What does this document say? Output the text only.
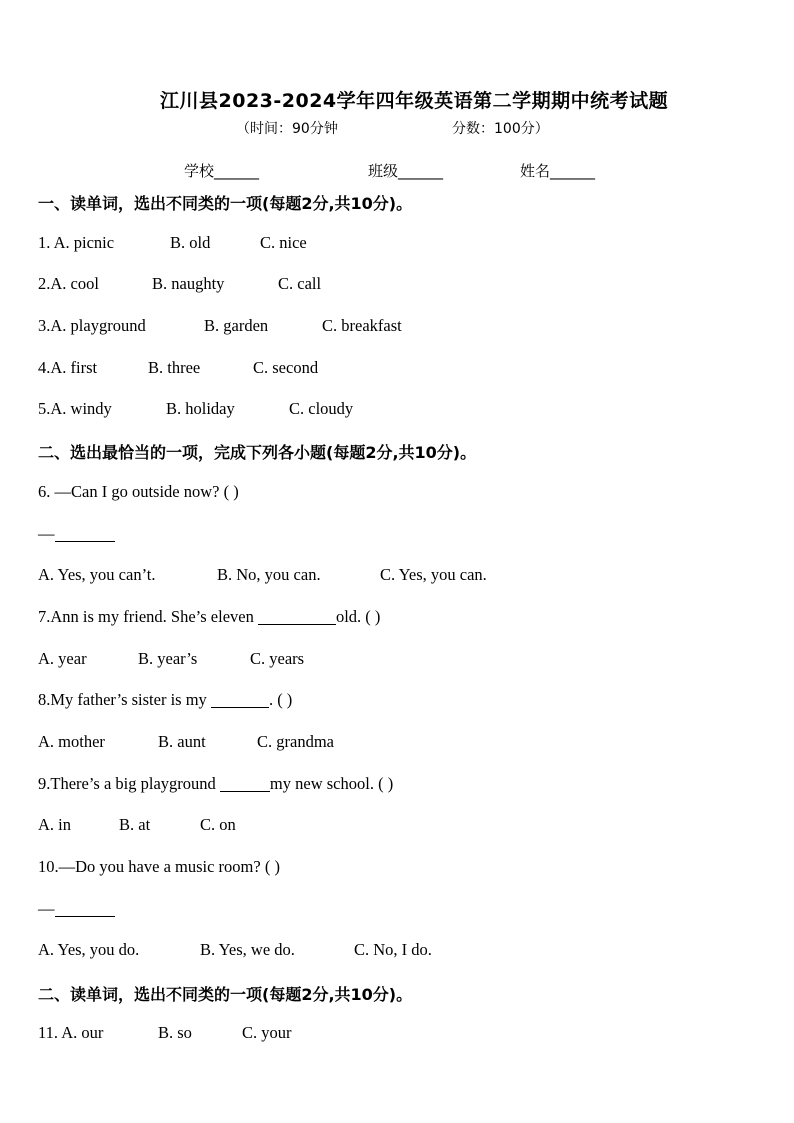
江川县2023-2024学年四年级英语第二学期期中统考试题
（时间：90分钟	分数：100分）
学校______	班级______	姓名______
一、读单词，选出不同类的一项(每题2分,共10分)。
1. A. picnic	B. old	C. nice
2.A. cool	B. naughty	C. call
3.A. playground	B. garden	C. breakfast
4.A. first	B. three	C. second
5.A. windy	B. holiday	C. cloudy
二、选出最恰当的一项，完成下列各小题(每题2分,共10分)。
6. —Can I go outside now? ( )
—
A. Yes, you can’t.	B. No, you can.	C. Yes, you can.
7.Ann is my friend. She’s eleven	old. ( )
A. year	B. year’s	C. years
8.My father’s sister is my	. ( )
A. mother	B. aunt	C. grandma
9.There’s a big playground	my new school. ( )
A. in	B. at	C. on
10.—Do you have a music room? ( )
—
A. Yes, you do.	B. Yes, we do.	C. No, I do.
二、读单词，选出不同类的一项(每题2分,共10分)。
11. A. our	B. so	C. your
